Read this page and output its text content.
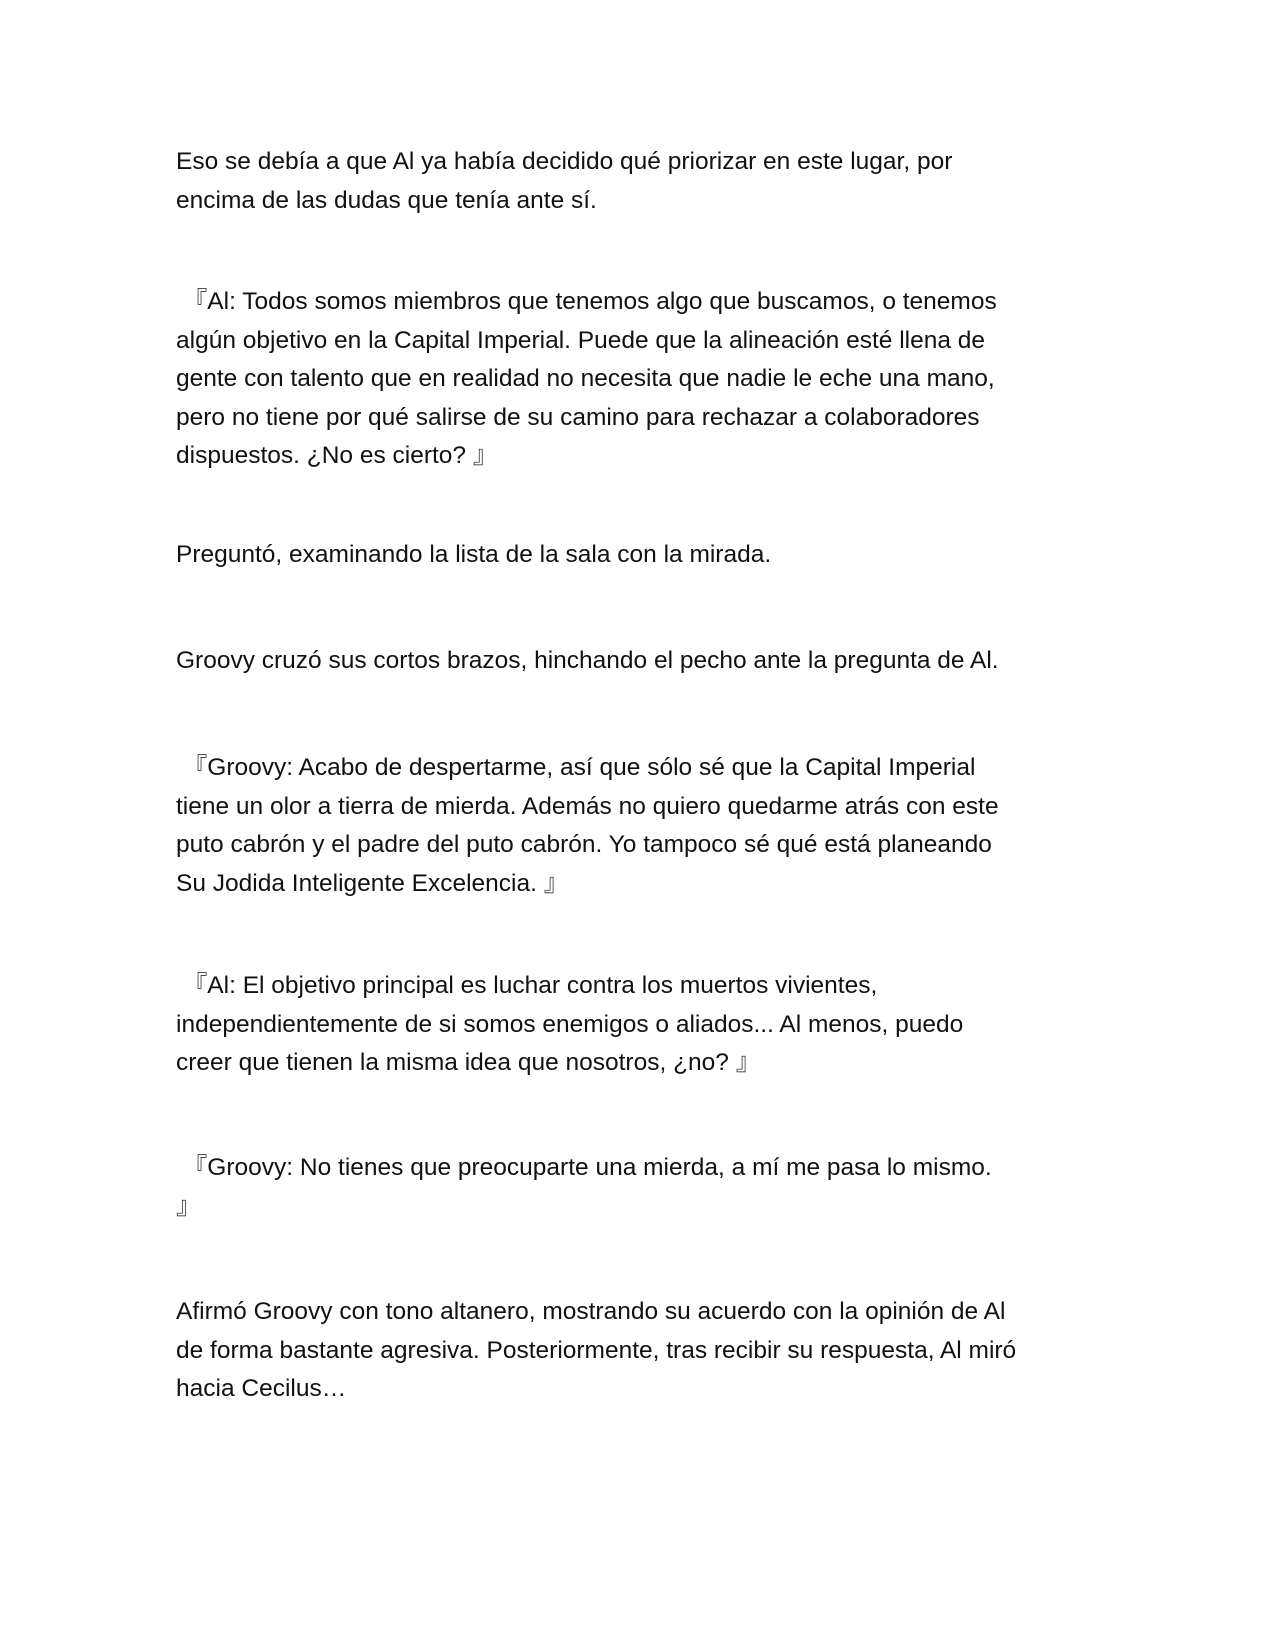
Eso se debía a que Al ya había decidido qué priorizar en este lugar, por
encima de las dudas que tenía ante sí.

『Al: Todos somos miembros que tenemos algo que buscamos, o tenemos
algún objetivo en la Capital Imperial. Puede que la alineación esté llena de
gente con talento que en realidad no necesita que nadie le eche una mano,
pero no tiene por qué salirse de su camino para rechazar a colaboradores
dispuestos. ¿No es cierto? 』

Preguntó, examinando la lista de la sala con la mirada.

Groovy cruzó sus cortos brazos, hinchando el pecho ante la pregunta de Al.

『Groovy: Acabo de despertarme, así que sólo sé que la Capital Imperial
tiene un olor a tierra de mierda. Además no quiero quedarme atrás con este
puto cabrón y el padre del puto cabrón. Yo tampoco sé qué está planeando
Su Jodida Inteligente Excelencia. 』

『Al: El objetivo principal es luchar contra los muertos vivientes,
independientemente de si somos enemigos o aliados... Al menos, puedo
creer que tienen la misma idea que nosotros, ¿no? 』

『Groovy: No tienes que preocuparte una mierda, a mí me pasa lo mismo.
』

Afirmó Groovy con tono altanero, mostrando su acuerdo con la opinión de Al
de forma bastante agresiva. Posteriormente, tras recibir su respuesta, Al miró
hacia Cecilus…
